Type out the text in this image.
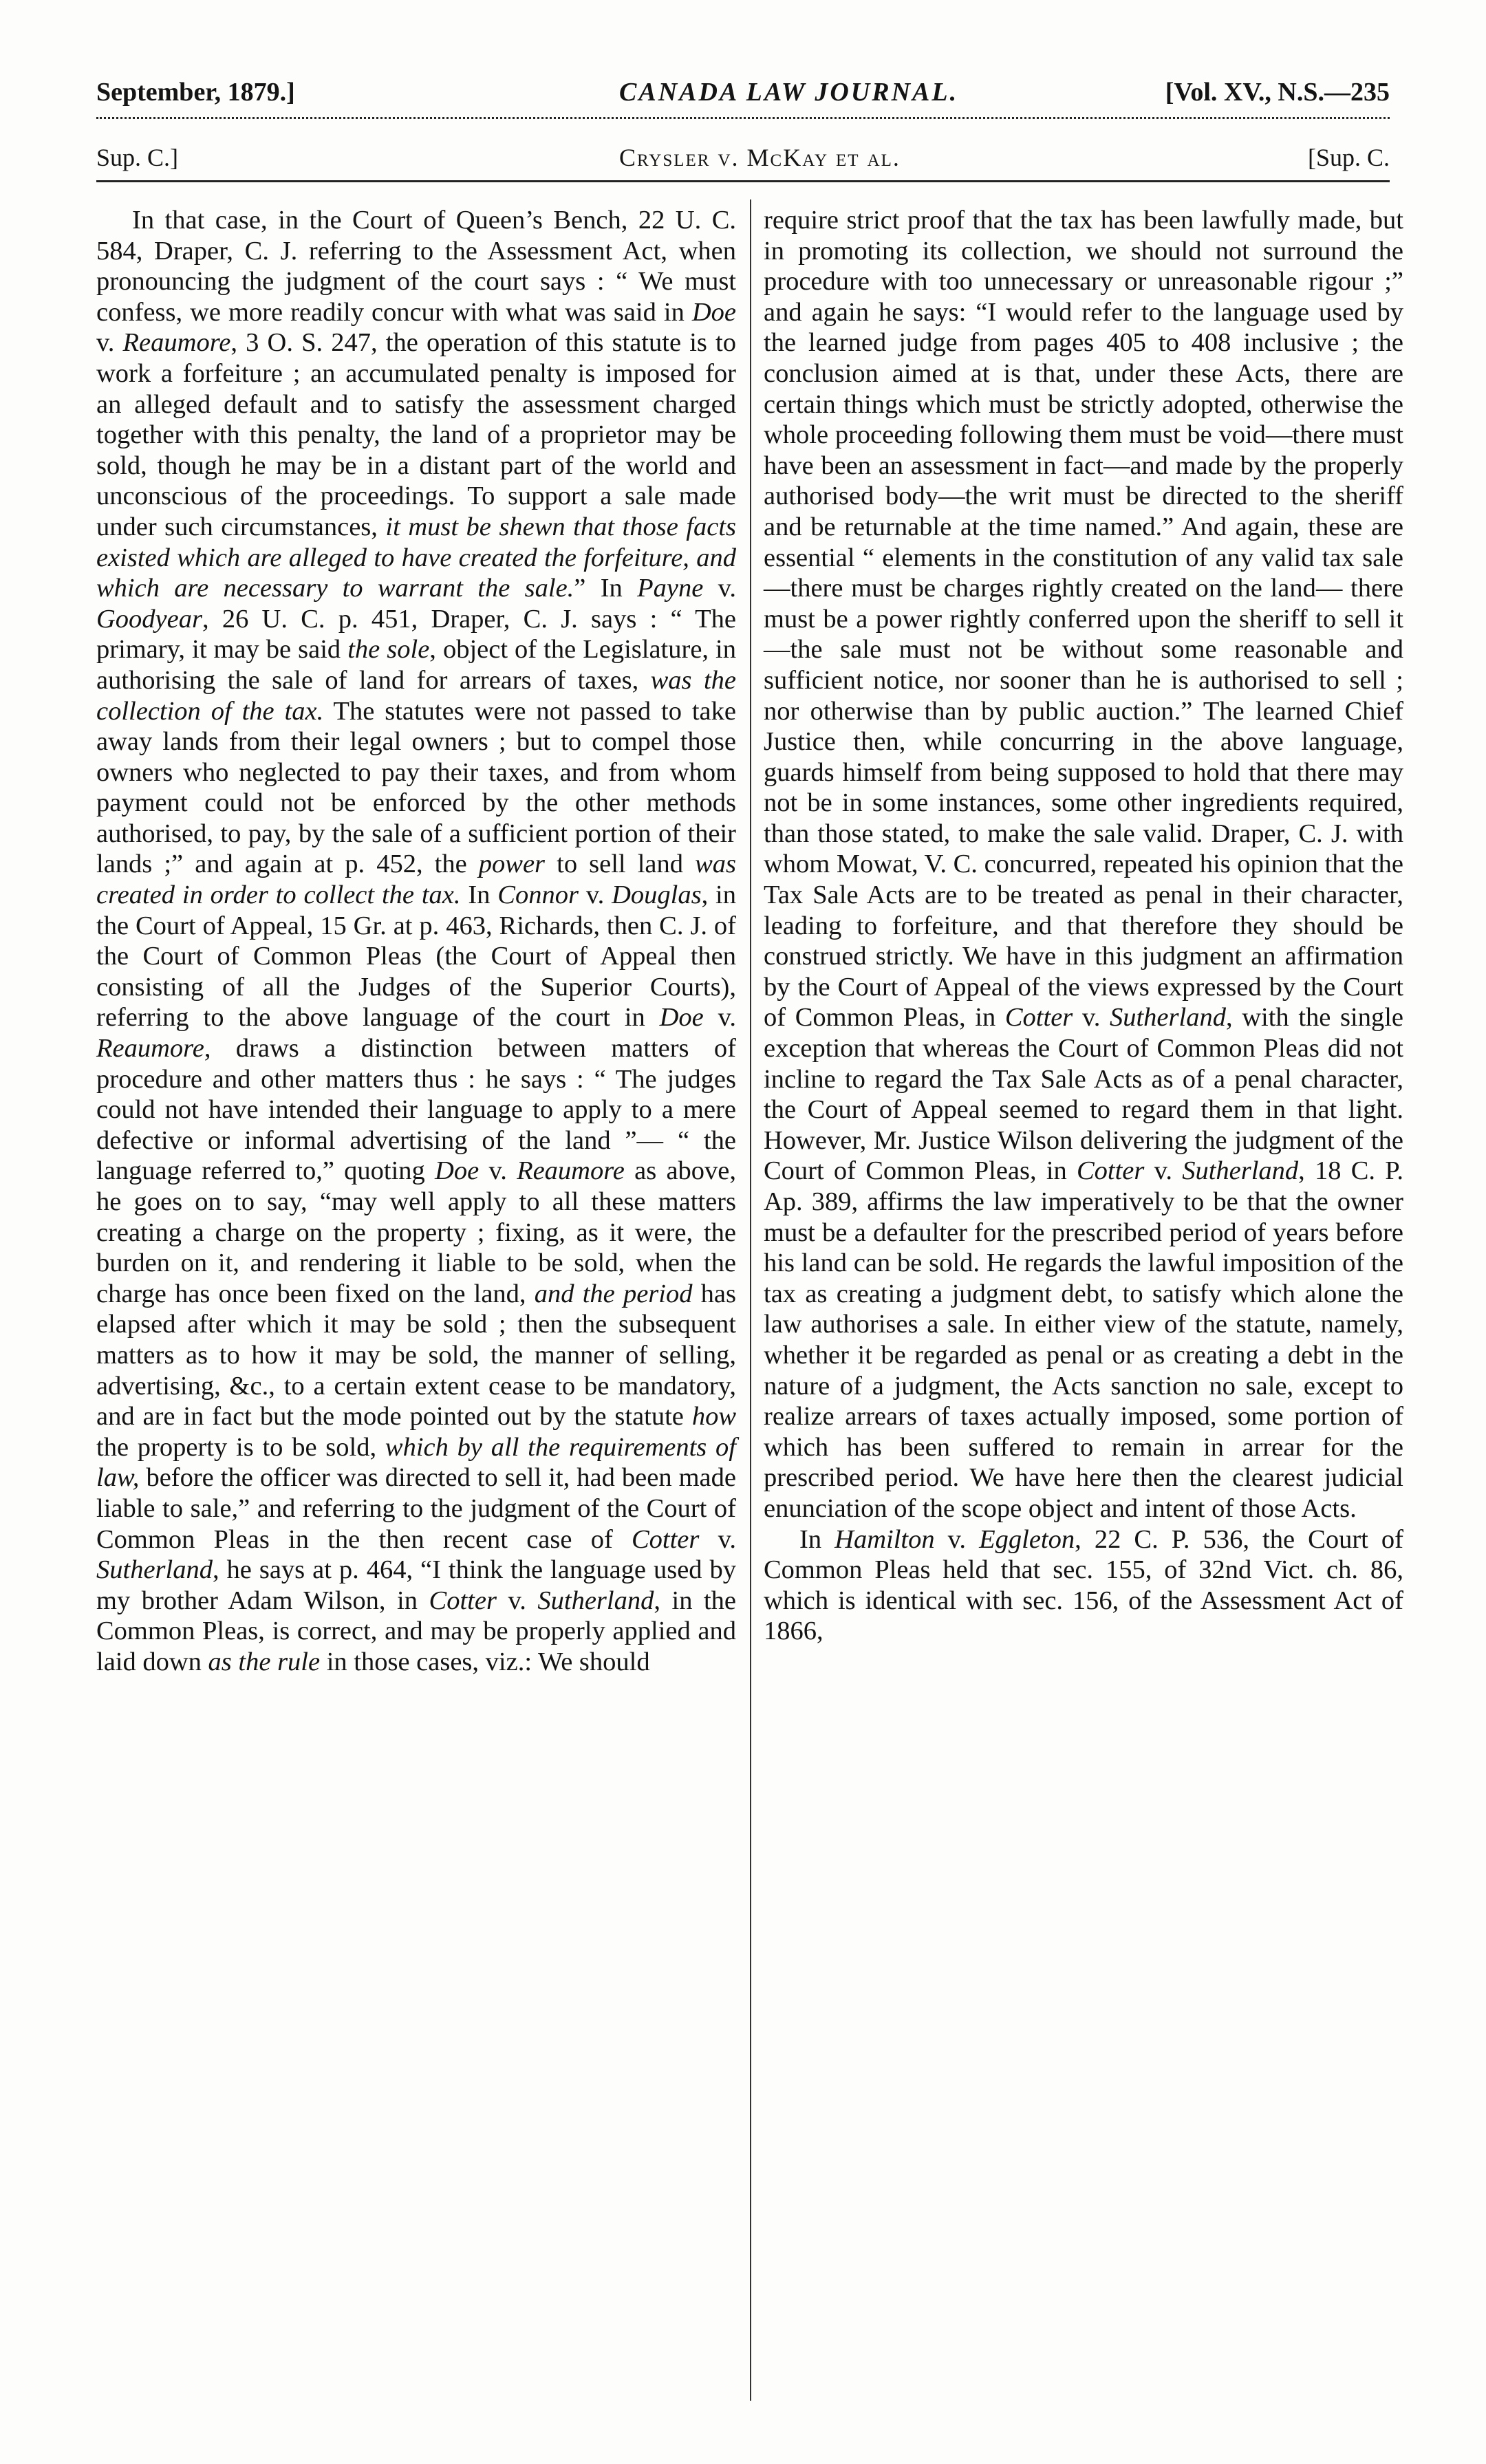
September, 1879.]	CANADA LAW JOURNAL.	[Vol. XV., N.S.—235
Sup. C.]	Crysler v. McKay et al.	[Sup. C.

In that case, in the Court of Queen’s Bench, 22 U. C. 584, Draper, C. J. referring to the Assessment Act, when pronouncing the judgment of the court says : “ We must confess, we more readily concur with what was said in Doe v. Reaumore, 3 O. S. 247, the operation of this statute is to work a forfeiture ; an accumulated penalty is imposed for an alleged default and to satisfy the assessment charged together with this penalty, the land of a proprietor may be sold, though he may be in a distant part of the world and unconscious of the proceedings. To support a sale made under such circumstances, it must be shewn that those facts existed which are alleged to have created the forfeiture, and which are necessary to warrant the sale.” In Payne v. Goodyear, 26 U. C. p. 451, Draper, C. J. says : “ The primary, it may be said the sole, object of the Legislature, in authorising the sale of land for arrears of taxes, was the collection of the tax. The statutes were not passed to take away lands from their legal owners ; but to compel those owners who neglected to pay their taxes, and from whom payment could not be enforced by the other methods authorised, to pay, by the sale of a sufficient portion of their lands ;” and again at p. 452, the power to sell land was created in order to collect the tax. In Connor v. Douglas, in the Court of Appeal, 15 Gr. at p. 463, Richards, then C. J. of the Court of Common Pleas (the Court of Appeal then consisting of all the Judges of the Superior Courts), referring to the above language of the court in Doe v. Reaumore, draws a distinction between matters of procedure and other matters thus : he says : “ The judges could not have intended their language to apply to a mere defective or informal advertising of the land ”— “ the language referred to,” quoting Doe v. Reaumore as above, he goes on to say, “may well apply to all these matters creating a charge on the property ; fixing, as it were, the burden on it, and rendering it liable to be sold, when the charge has once been fixed on the land, and the period has elapsed after which it may be sold ; then the subsequent matters as to how it may be sold, the manner of selling, advertising, &c., to a certain extent cease to be mandatory, and are in fact but the mode pointed out by the statute how the property is to be sold, which by all the requirements of law, before the officer was directed to sell it, had been made liable to sale,” and referring to the judgment of the Court of Common Pleas in the then recent case of Cotter v. Sutherland, he says at p. 464, “I think the language used by my brother Adam Wilson, in Cotter v. Sutherland, in the Common Pleas, is correct, and may be properly applied and laid down as the rule in those cases, viz.: We should

require strict proof that the tax has been lawfully made, but in promoting its collection, we should not surround the procedure with too unnecessary or unreasonable rigour ;” and again he says: “I would refer to the language used by the learned judge from pages 405 to 408 inclusive ; the conclusion aimed at is that, under these Acts, there are certain things which must be strictly adopted, otherwise the whole proceeding following them must be void—there must have been an assessment in fact—and made by the properly authorised body—the writ must be directed to the sheriff and be returnable at the time named.” And again, these are essential “ elements in the constitution of any valid tax sale—there must be charges rightly created on the land— there must be a power rightly conferred upon the sheriff to sell it—the sale must not be without some reasonable and sufficient notice, nor sooner than he is authorised to sell ; nor otherwise than by public auction.” The learned Chief Justice then, while concurring in the above language, guards himself from being supposed to hold that there may not be in some instances, some other ingredients required, than those stated, to make the sale valid. Draper, C. J. with whom Mowat, V. C. concurred, repeated his opinion that the Tax Sale Acts are to be treated as penal in their character, leading to forfeiture, and that therefore they should be construed strictly. We have in this judgment an affirmation by the Court of Appeal of the views expressed by the Court of Common Pleas, in Cotter v. Sutherland, with the single exception that whereas the Court of Common Pleas did not incline to regard the Tax Sale Acts as of a penal character, the Court of Appeal seemed to regard them in that light. However, Mr. Justice Wilson delivering the judgment of the Court of Common Pleas, in Cotter v. Sutherland, 18 C. P. Ap. 389, affirms the law imperatively to be that the owner must be a defaulter for the prescribed period of years before his land can be sold. He regards the lawful imposition of the tax as creating a judgment debt, to satisfy which alone the law authorises a sale. In either view of the statute, namely, whether it be regarded as penal or as creating a debt in the nature of a judgment, the Acts sanction no sale, except to realize arrears of taxes actually imposed, some portion of which has been suffered to remain in arrear for the prescribed period. We have here then the clearest judicial enunciation of the scope object and intent of those Acts.

In Hamilton v. Eggleton, 22 C. P. 536, the Court of Common Pleas held that sec. 155, of 32nd Vict. ch. 86, which is identical with sec. 156, of the Assessment Act of 1866,
